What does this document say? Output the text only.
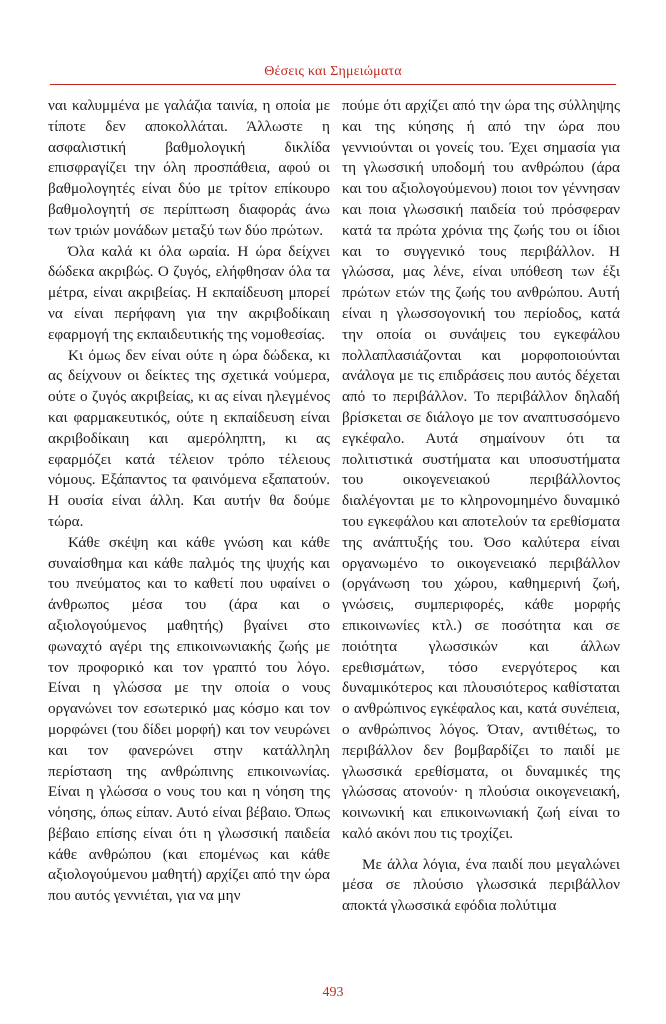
Θέσεις και Σημειώματα

ναι καλυμμένα με γαλάζια ταινία, η οποία με τίποτε δεν αποκολλάται. Άλλωστε η ασφαλιστική βαθμολογική δικλίδα επισφραγίζει την όλη προσπάθεια, αφού οι βαθμολογητές είναι δύο με τρίτον επίκουρο βαθμολογητή σε περίπτωση διαφοράς άνω των τριών μονάδων μεταξύ των δύο πρώτων.

Όλα καλά κι όλα ωραία. Η ώρα δείχνει δώδεκα ακριβώς. Ο ζυγός, ελήφθησαν όλα τα μέτρα, είναι ακριβείας. Η εκπαίδευση μπορεί να είναι περήφανη για την ακριβοδίκαιη εφαρμογή της εκπαιδευτικής της νομοθεσίας.

Κι όμως δεν είναι ούτε η ώρα δώδεκα, κι ας δείχνουν οι δείκτες της σχετικά νούμερα, ούτε ο ζυγός ακριβείας, κι ας είναι ηλεγμένος και φαρμακευτικός, ούτε η εκπαίδευση είναι ακριβοδίκαιη και αμερόληπτη, κι ας εφαρμόζει κατά τέλειον τρόπο τέλειους νόμους. Εξάπαντος τα φαινόμενα εξαπατούν. Η ουσία είναι άλλη. Και αυτήν θα δούμε τώρα.

Κάθε σκέψη και κάθε γνώση και κάθε συναίσθημα και κάθε παλμός της ψυχής και του πνεύματος και το καθετί που υφαίνει ο άνθρωπος μέσα του (άρα και ο αξιολογούμενος μαθητής) βγαίνει στο φωναχτό αγέρι της επικοινωνιακής ζωής με τον προφορικό και τον γραπτό του λόγο. Είναι η γλώσσα με την οποία ο νους οργανώνει τον εσωτερικό μας κόσμο και τον μορφώνει (του δίδει μορφή) και τον νευρώνει και τον φανερώνει στην κατάλληλη περίσταση της ανθρώπινης επικοινωνίας. Είναι η γλώσσα ο νους του και η νόηση της νόησης, όπως είπαν. Αυτό είναι βέβαιο. Όπως βέβαιο επίσης είναι ότι η γλωσσική παιδεία κάθε ανθρώπου (και επομένως και κάθε αξιολογούμενου μαθητή) αρχίζει από την ώρα που αυτός γεννιέται, για να μην

πούμε ότι αρχίζει από την ώρα της σύλληψης και της κύησης ή από την ώρα που γεννιούνται οι γονείς του. Έχει σημασία για τη γλωσσική υποδομή του ανθρώπου (άρα και του αξιολογούμενου) ποιοι τον γέννησαν και ποια γλωσσική παιδεία τού πρόσφεραν κατά τα πρώτα χρόνια της ζωής του οι ίδιοι και το συγγενικό τους περιβάλλον. Η γλώσσα, μας λένε, είναι υπόθεση των έξι πρώτων ετών της ζωής του ανθρώπου. Αυτή είναι η γλωσσογονική του περίοδος, κατά την οποία οι συνάψεις του εγκεφάλου πολλαπλασιάζονται και μορφοποιούνται ανάλογα με τις επιδράσεις που αυτός δέχεται από το περιβάλλον. Το περιβάλλον δηλαδή βρίσκεται σε διάλογο με τον αναπτυσσόμενο εγκέφαλο. Αυτά σημαίνουν ότι τα πολιτιστικά συστήματα και υποσυστήματα του οικογενειακού περιβάλλοντος διαλέγονται με το κληρονομημένο δυναμικό του εγκεφάλου και αποτελούν τα ερεθίσματα της ανάπτυξής του. Όσο καλύτερα είναι οργανωμένο το οικογενειακό περιβάλλον (οργάνωση του χώρου, καθημερινή ζωή, γνώσεις, συμπεριφορές, κάθε μορφής επικοινωνίες κτλ.) σε ποσότητα και σε ποιότητα γλωσσικών και άλλων ερεθισμάτων, τόσο ενεργότερος και δυναμικότερος και πλουσιότερος καθίσταται ο ανθρώπινος εγκέφαλος και, κατά συνέπεια, ο ανθρώπινος λόγος. Όταν, αντιθέτως, το περιβάλλον δεν βομβαρδίζει το παιδί με γλωσσικά ερεθίσματα, οι δυναμικές της γλώσσας ατονούν· η πλούσια οικογενειακή, κοινωνική και επικοινωνιακή ζωή είναι το καλό ακόνι που τις τροχίζει.

Με άλλα λόγια, ένα παιδί που μεγαλώνει μέσα σε πλούσιο γλωσσικά περιβάλλον αποκτά γλωσσικά εφόδια πολύτιμα

493
